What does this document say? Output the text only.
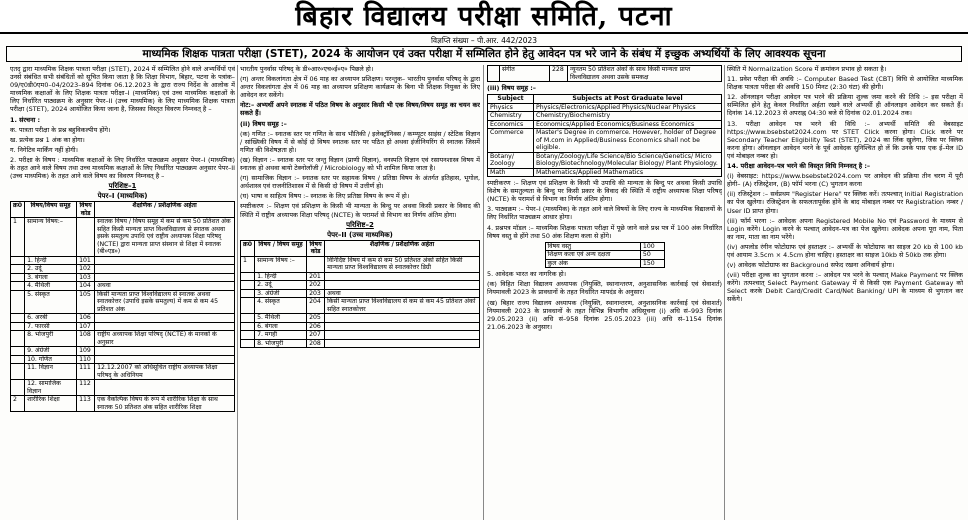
बिहार विद्यालय परीक्षा समिति, पटना
विज्ञप्ति संख्या – पी.आर. 442/2023
माध्यमिक शिक्षक पात्रता परीक्षा (STET), 2024 के आयोजन एवं उक्त परीक्षा में सम्मिलित होने हेतु आवेदन पत्र भरे जाने के संबंध में इच्छुक अभ्यर्थियों के लिए आवश्यक सूचना

एतद् द्वारा माध्यमिक शिक्षक पात्रता परीक्षा (STET), 2024 में सम्मिलित होने वाले अभ्यर्थियों एवं उनसे संबंधित सभी संबंधितों को सूचित किया जाता है कि शिक्षा विभाग, बिहार, पटना के पत्रांक–09/ए0डी0एम0–04/2023–894 दिनांक 06.12.2023 के द्वारा राज्य निर्देश के आलोक में माध्यमिक कक्षाओं के लिए शिक्षक पात्रता परीक्षा–I (माध्यमिक) एवं उच्च माध्यमिक कक्षाओं के लिए निर्धारित पाठ्यक्रम के अनुसार पेपर–II (उच्च माध्यमिक) के लिए माध्यमिक शिक्षक पात्रता परीक्षा (STET), 2024 आयोजित किया जाना है, जिसका विस्तृत विवरण निम्नवत् है –

1. संरचना :

क. पात्रता परीक्षा के प्रश्न बहुविकल्पीय होंगे।

ख. प्रत्येक प्रश्न 1 अंक का होगा।

ग. निगेटिव मार्किंग नहीं होगी।

2. परीक्षा के विषय : माध्यमिक कक्षाओं के लिए निर्धारित पाठ्यक्रम अनुसार पेपर–I (माध्यमिक) के तहत आने वाले विषय तथा उच्च माध्यमिक कक्षाओं के लिए निर्धारित पाठ्यक्रम अनुसार पेपर–II (उच्च माध्यमिक) के तहत आने वाले विषय का विवरण निम्नवत् है –

परिशिष्ट–1
पेपर–I (माध्यमिक)
क्र0	विषय/विषय समूह	विषय कोड	शैक्षणिक / प्रशैक्षणिक अर्हता
1	सामान्य विषय:–		स्नातक विषय / विषय समूह में कम से कम 50 प्रतिशत अंक सहित किसी मान्यता प्राप्त विश्वविद्यालय से स्नातक अथवा इसके समतुल्य उपाधि एवं राष्ट्रीय अध्यापक शिक्षा परिषद् (NCTE) द्वारा मान्यता प्राप्त संस्थान से शिक्षा में स्नातक (बी०एड०)
	1. हिन्दी	101	
	2. उर्दू	102	
	3. बंगला	103	
	4. मैथिली	104	अथवा
	5. संस्कृत	105	किसी मान्यता प्राप्त विश्वविद्यालय से स्नातक अथवा स्नातकोत्तर (उपाधि इसके समतुल्य) में कम से कम 45 प्रतिशत अंक
	6. अरबी	106	
	7. फारसी	107	
	8. भोजपुरी	108	राष्ट्रीय अध्यापक शिक्षा परिषद् (NCTE) के मानकों के अनुसार
	9. अंग्रेजी	109	
	10. गणित	110	
	11. विज्ञान	111	12.12.2007 को अधिसूचित राष्ट्रीय अध्यापक शिक्षा परिषद् के अधिनियम
	12. सामाजिक विज्ञान	112	
2	शारीरिक शिक्षा	113	एक वैकल्पिक विषय के रूप में शारीरिक शिक्षा के साथ स्नातक 50 प्रतिशत अंक सहित शारीरिक शिक्षा

भारतीय पुनर्वास परिषद् के डी०आर०एच०ई०ए० पिछले हो।

(ग) अन्तर विकलांगता क्षेत्र में 06 माह का अध्यापन प्रशिक्षण। परन्तुक– भारतीय पुनर्वास परिषद् के द्वारा अन्तर विकलांगता क्षेत्र में 06 माह का अध्यापन प्रशिक्षण कार्यक्रम के बिना भी शिक्षक नियुक्त के लिए आवेदन कर सकेंगे।

नोट:– अभ्यर्थी अपने स्नातक में पठित विषय के अनुसार किसी भी एक विषय/विषय समूह का चयन कर सकते हैं।

(ii) विषय समूह :–

(क) गणित :– स्नातक स्तर पर गणित के साथ भौतिकी / इलेक्ट्रॉनिक्स / कम्प्यूटर साइंस / स्टेटिक विज्ञान / सांख्यिकी विषय में से कोई दो विषय स्नातक स्तर पर पठित हो अथवा इंजीनियरिंग से स्नातक जिसमें गणित की विशेषज्ञता हो।

(ख) विज्ञान :– स्नातक स्तर पर जन्तु विज्ञान (प्राणी विज्ञान), वनस्पति विज्ञान एवं रसायनशास्त्र विषय में स्नातक हो अथवा बायो टेक्नोलॉजी / Microbiology को भी शामिल किया जाता है।

(ग) सामाजिक विज्ञान :– स्नातक स्तर पर सहायक विषय / प्रतिष्ठा विषय के अंतर्गत इतिहास, भूगोल, अर्थशास्त्र एवं राजनीतिशास्त्र में से किसी दो विषय में उत्तीर्ण हो।

(घ) भाषा व साहित्य विषय :– स्नातक के लिए प्रतिष्ठा विषय के रूप में हो।

स्पष्टीकरण :– शिक्षण एवं प्रशिक्षण के किसी भी मान्यता के बिन्दु पर अथवा किसी प्रकार के विवाद की स्थिति में राष्ट्रीय अध्यापक शिक्षा परिषद् (NCTE) के परामर्श से विभाग का निर्णय अंतिम होगा।

परिशिष्ट–2
पेपर–II (उच्च माध्यमिक)
क्र0	विषय / विषय समूह	विषय कोड	शैक्षणिक / प्रशैक्षणिक अर्हता
1	सामान्य विषय :–		विनिर्दिष्ट विषय में कम से कम 50 प्रतिशत अंकों सहित किसी मान्यता प्राप्त विश्वविद्यालय से स्नातकोत्तर डिग्री
	1. हिन्दी	201	
	2. उर्दू	202	
	3. अंग्रेजी	203	अथवा
	4. संस्कृत	204	किसी मान्यता प्राप्त विश्वविद्यालय से कम से कम 45 प्रतिशत अंकों सहित स्नातकोत्तर
	5. मैथिली	205	
	6. बंगला	206	
	7. मगही	207	
	8. भोजपुरी	208	
	संगीत	228	न्यूनतम 50 प्रतिशत अंकों के साथ किसी मान्यता प्राप्त विश्वविद्यालय अथवा उसके समकक्ष

(iii) विषय समूह :–

Subject	Subjects at Post Graduate level
Physics	Physics/Electronics/Applied Physics/Nuclear Physics
Chemistry	Chemistry/Biochemistry
Economics	Economics/Applied Economics/Business Economics
Commerce	Master's Degree in commerce. However, holder of Degree of M.com in Applied/Business Economics shall not be eligible.
Botany/ Zoology	Botany/Zoology/Life Science/Bio Science/Genetics/ Micro Biology/Biotechnology/Molecular Biology/ Plant Physiology.
Math	Mathematics/Applied Mathematics

स्पष्टीकरण :– शिक्षण एवं प्रशिक्षण के किसी भी उपाधि की मान्यता के बिन्दु पर अथवा किसी उपाधि विशेष के समतुल्यता के बिन्दु पर किसी प्रकार के विवाद की स्थिति में राष्ट्रीय अध्यापक शिक्षा परिषद् (NCTE) के परामर्श से विभाग का निर्णय अंतिम होगा।

3. पाठ्यक्रम :– पेपर–I (माध्यमिक) के तहत आने वाले विषयों के लिए राज्य के माध्यमिक विद्यालयों के लिए निर्धारित पाठ्यक्रम आधार होगा।

4. प्रश्नपत्र मॉडल :– माध्यमिक शिक्षक पात्रता परीक्षा में पूछे जाने वाले प्रश्न पत्र में 100 अंक निर्धारित विषय वस्तु से होंगे तथा 50 अंक शिक्षण कला से होंगे।

विषय वस्तु	100
शिक्षण कला एवं अन्य दक्षता	50
कुल अंक	150

5. आवेदक भारत का नागरिक हो।

(क) विहित शिक्षा विद्यालय अध्यापक (नियुक्ति, स्थानान्तरण, अनुशासनिक कार्रवाई एवं सेवाशर्त) नियमावली 2023 के प्रावधानों के तहत निर्धारित मापदंड के अनुसार।

(ख) बिहार राज्य विद्यालय अध्यापक (नियुक्ति, स्थानान्तरण, अनुशासनिक कार्रवाई एवं सेवाशर्त) नियमावली 2023 के प्रावधानों के तहत विभिन्न विभागीय अधिसूचना (i) अधि सं–993 दिनांक 29.05.2023 (ii) अधि सं–958 दिनांक 25.05.2023 (iii) अधि सं–1154 दिनांक 21.06.2023 के अनुसार।

स्थिति में Normalization Score में क्रमांकन प्रभाव हो सकता है।

11. प्रवेश परीक्षा की अवधि :– Computer Based Test (CBT) विधि से आयोजित माध्यमिक शिक्षक पात्रता परीक्षा की अवधि 150 मिनट (2:30 घंटा) की होगी।

12. ऑनलाइन परीक्षा आवेदन पत्र भरने की प्रक्रिया शुल्क जमा करने की तिथि :– इस परीक्षा में सम्मिलित होने हेतु केवल निर्धारित अर्हता रखने वाले अभ्यर्थी ही ऑनलाइन आवेदन कर सकते हैं। दिनांक 14.12.2023 से अपराह्न 04:30 बजे से दिनांक 02.01.2024 तक।

13. परीक्षा आवेदन पत्र भरने की विधि :– अभ्यर्थी समिति की वेबसाइट https://www.bsebstet2024.com पर STET Click करना होगा। Click करने पर Secondary Teacher Eligibility Test (STET), 2024 का लिंक खुलेगा, जिस पर क्लिक करना होगा। ऑनलाइन आवेदन भरने के पूर्व आवेदक सुनिश्चित हो लें कि उनके पास एक ई–मेल ID एवं मोबाइल नम्बर हो।

14. परीक्षा आवेदन–पत्र भरने की विस्तृत विधि निम्नवत् है :–

(i) वेबसाइट: https://www.bsebstet2024.com पर आवेदन की प्रक्रिया तीन चरण में पूरी होगी– (A) रजिस्ट्रेशन, (B) फॉर्म भरना (C) भुगतान करना

(ii) रजिस्ट्रेशन :– सर्वप्रथम "Register Here" पर क्लिक करें। तत्पश्चात् Initial Registration का पेज खुलेगा। रजिस्ट्रेशन के सफलतापूर्वक होने के बाद मोबाइल नम्बर पर Registration नम्बर / User ID प्राप्त होगा।

(iii) फॉर्म भरना :– आवेदक अपना Registered Mobile No एवं Password के माध्यम से Login करेंगे। Login करने के पश्चात् आवेदन–पत्र का पेज खुलेगा। आवेदक अपना पूरा नाम, पिता का नाम, माता का नाम भरेंगे।

(iv) अपलोड रंगीन फोटोग्राफ एवं हस्ताक्षर :– अभ्यर्थी के फोटोग्राफ का साइज 20 kb से 100 kb एवं आयाम 3.5cm × 4.5cm होना चाहिए। हस्ताक्षर का साइज 10kb से 50kb तक होगा।

(v) आवेदक फोटोग्राफ का Background सफेद रखना अनिवार्य होगा।

(vii) परीक्षा शुल्क का भुगतान करना :– आवेदन पत्र भरने के पश्चात् Make Payment पर क्लिक करेंगे। तत्पश्चात् Select Payment Gateway में से किसी एक Payment Gateway को Select करके Debit Card/Credit Card/Net Banking/ UPI के माध्यम से भुगतान कर सकेंगे।
